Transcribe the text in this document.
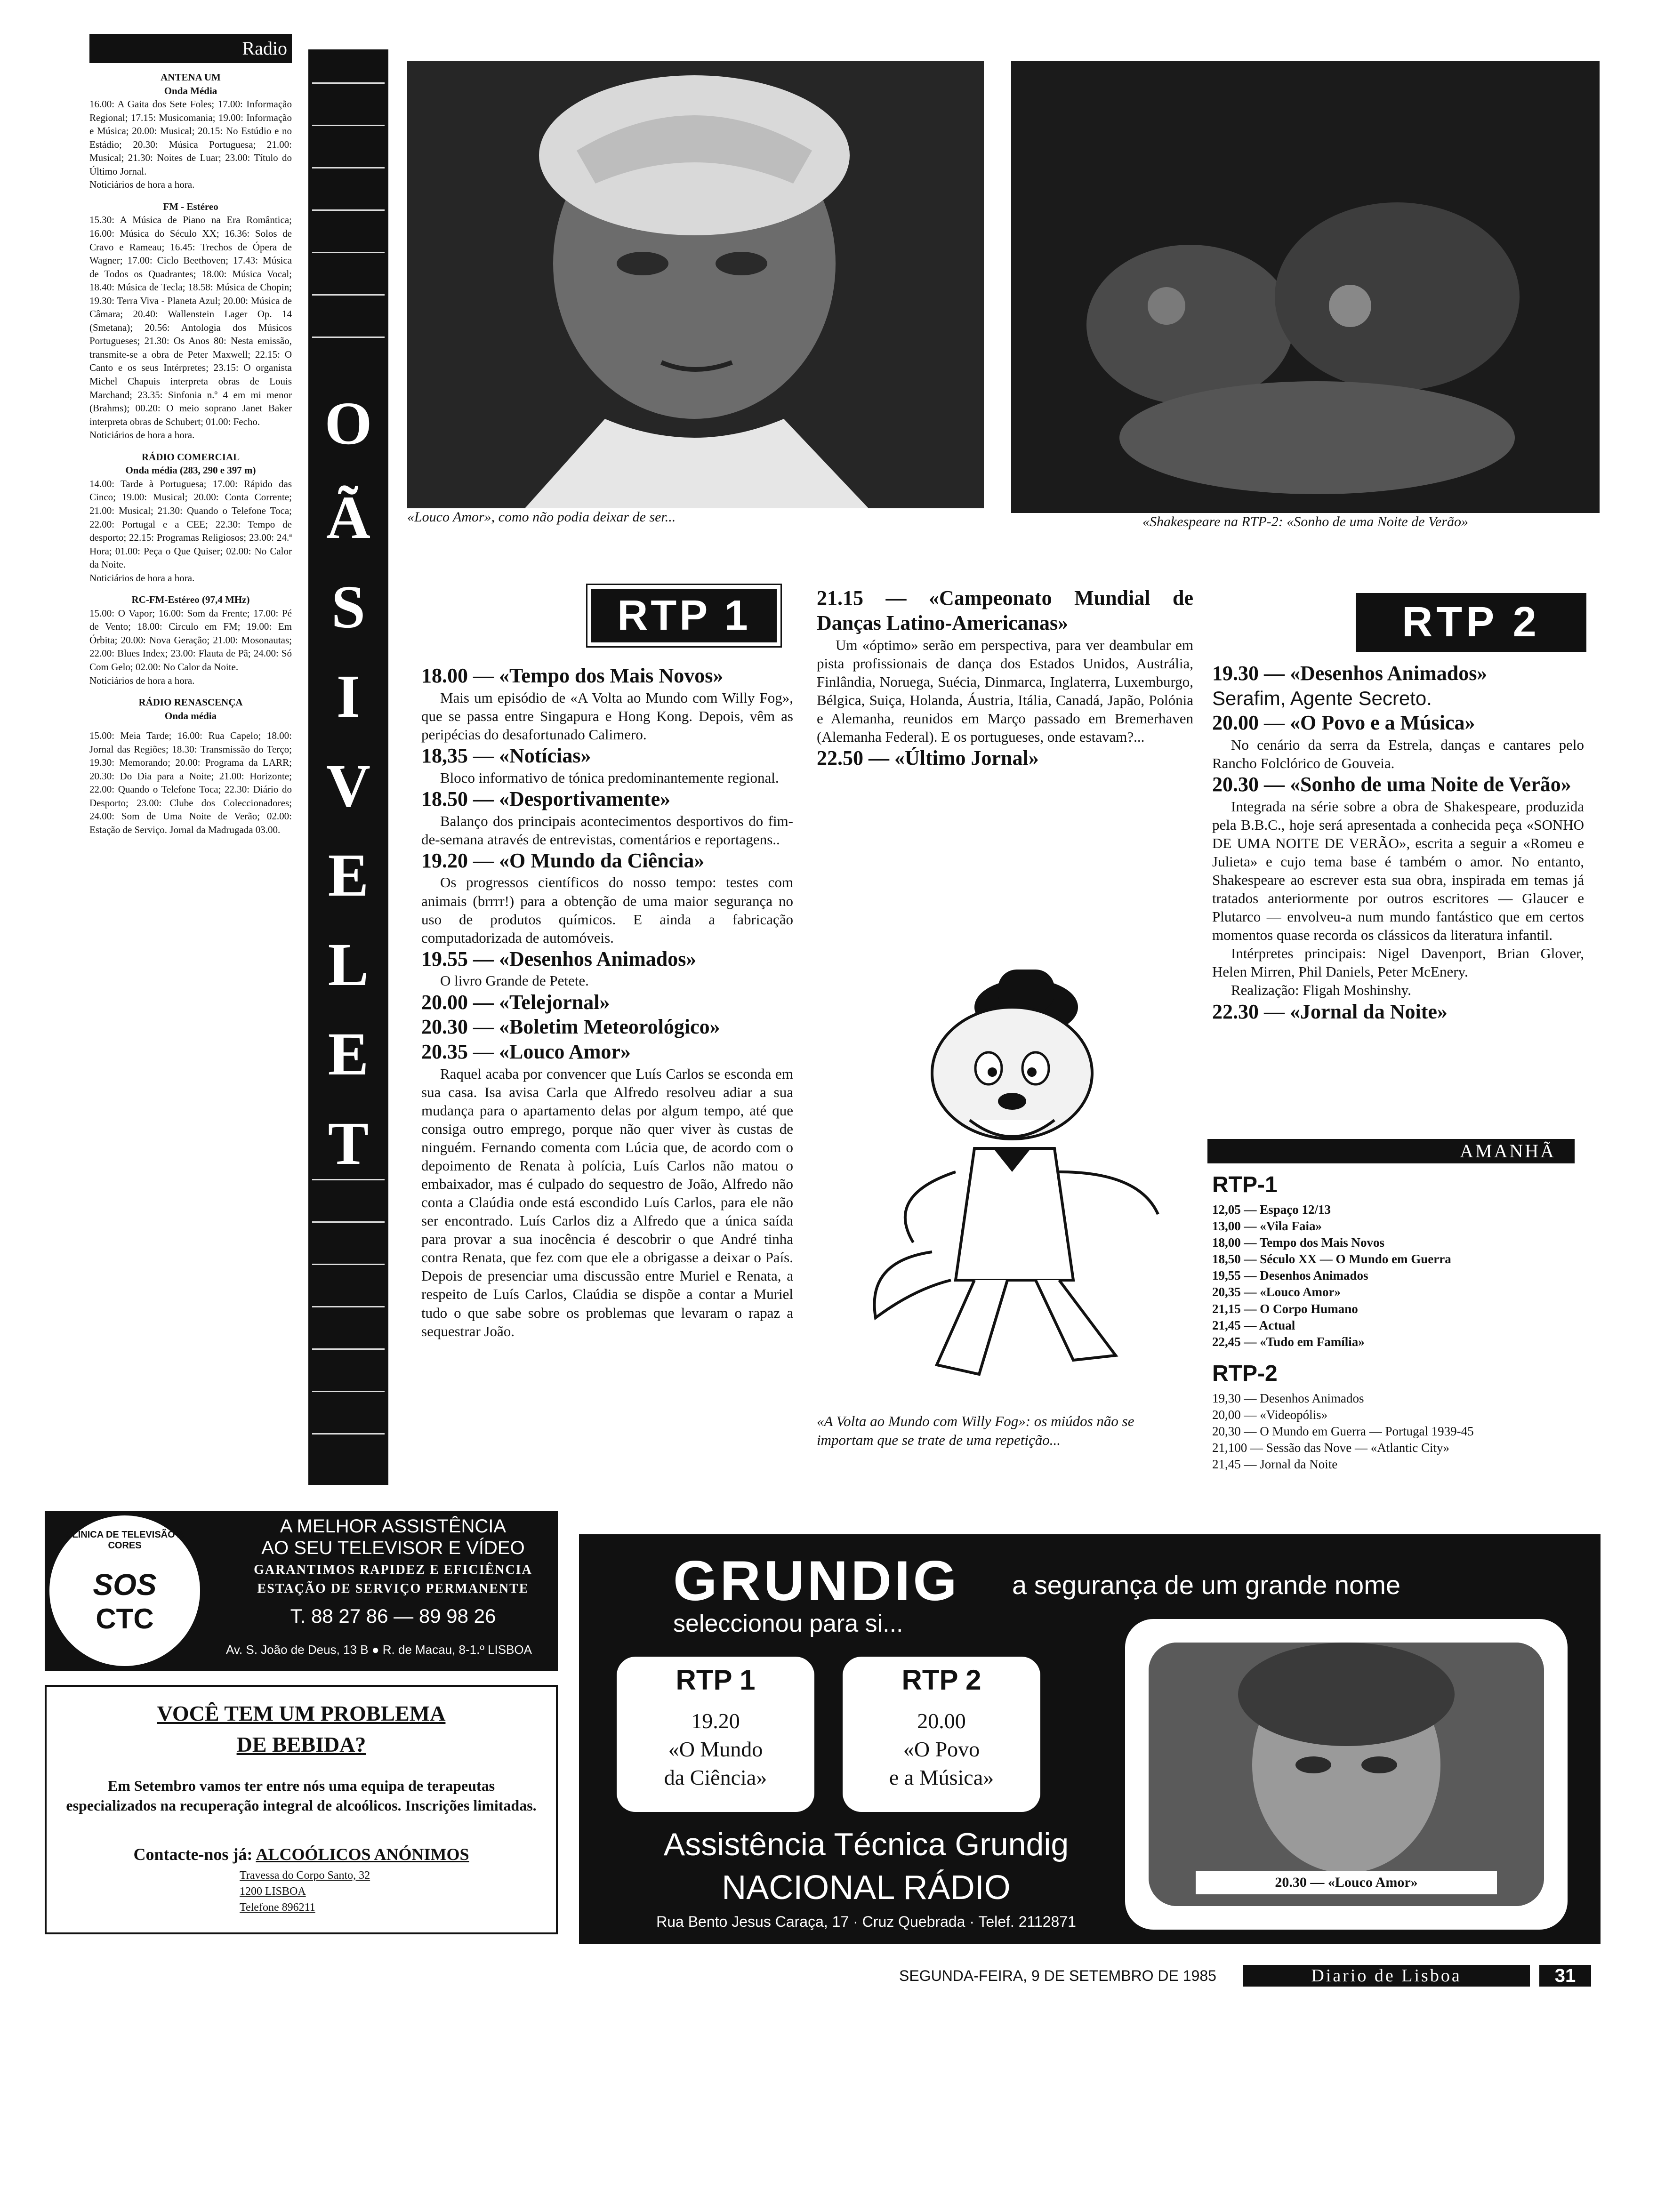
Radio
ANTENA UM
Onda Média

16.00: A Gaita dos Sete Foles; 17.00: Informação Regional; 17.15: Musicomania; 19.00: Informação e Música; 20.00: Musical; 20.15: No Estúdio e no Estádio; 20.30: Música Portuguesa; 21.00: Musical; 21.30: Noites de Luar; 23.00: Título do Último Jornal.

Noticiários de hora a hora.

FM - Estéreo

15.30: A Música de Piano na Era Romântica; 16.00: Música do Século XX; 16.36: Solos de Cravo e Rameau; 16.45: Trechos de Ópera de Wagner; 17.00: Ciclo Beethoven; 17.43: Música de Todos os Quadrantes; 18.00: Música Vocal; 18.40: Música de Tecla; 18.58: Música de Chopin; 19.30: Terra Viva - Planeta Azul; 20.00: Música de Câmara; 20.40: Wallenstein Lager Op. 14 (Smetana); 20.56: Antologia dos Músicos Portugueses; 21.30: Os Anos 80: Nesta emissão, transmite-se a obra de Peter Maxwell; 22.15: O Canto e os seus Intérpretes; 23.15: O organista Michel Chapuis interpreta obras de Louis Marchand; 23.35: Sinfonia n.º 4 em mi menor (Brahms); 00.20: O meio soprano Janet Baker interpreta obras de Schubert; 01.00: Fecho.

Noticiários de hora a hora.

RÁDIO COMERCIAL
Onda média (283, 290 e 397 m)

14.00: Tarde à Portuguesa; 17.00: Rápido das Cinco; 19.00: Musical; 20.00: Conta Corrente; 21.00: Musical; 21.30: Quando o Telefone Toca; 22.00: Portugal e a CEE; 22.30: Tempo de desporto; 22.15: Programas Religiosos; 23.00: 24.ª Hora; 01.00: Peça o Que Quiser; 02.00: No Calor da Noite.

Noticiários de hora a hora.

RC-FM-Estéreo (97,4 MHz)

15.00: O Vapor; 16.00: Som da Frente; 17.00: Pé de Vento; 18.00: Circulo em FM; 19.00: Em Órbita; 20.00: Nova Geração; 21.00: Mosonautas; 22.00: Blues Index; 23.00: Flauta de Pã; 24.00: Só Com Gelo; 02.00: No Calor da Noite.

Noticiários de hora a hora.

RÁDIO RENASCENÇA
Onda média

15.00: Meia Tarde; 16.00: Rua Capelo; 18.00: Jornal das Regiões; 18.30: Transmissão do Terço; 19.30: Memorando; 20.00: Programa da LARR; 20.30: Do Dia para a Noite; 21.00: Horizonte; 22.00: Quando o Telefone Toca; 22.30: Diário do Desporto; 23.00: Clube dos Coleccionadores; 24.00: Som de Uma Noite de Verão; 02.00: Estação de Serviço. Jornal da Madrugada 03.00.

O
Ã
S
I
V
E
L
E
T
«Louco Amor», como não podia deixar de ser...	«Shakespeare na RTP-2: «Sonho de uma Noite de Verão»
RTP 1
18.00 — «Tempo dos Mais Novos»

Mais um episódio de «A Volta ao Mundo com Willy Fog», que se passa entre Singapura e Hong Kong. Depois, vêm as peripécias do desafortunado Calimero.

18,35 — «Notícias»

Bloco informativo de tónica predominantemente regional.

18.50 — «Desportivamente»

Balanço dos principais acontecimentos desportivos do fim-de-semana através de entrevistas, comentários e reportagens..

19.20 — «O Mundo da Ciência»

Os progressos científicos do nosso tempo: testes com animais (brrrr!) para a obtenção de uma maior segurança no uso de produtos químicos. E ainda a fabricação computadorizada de automóveis.

19.55 — «Desenhos Animados»

O livro Grande de Petete.

20.00 — «Telejornal»
20.30 — «Boletim Meteorológico»
20.35 — «Louco Amor»

Raquel acaba por convencer que Luís Carlos se esconda em sua casa. Isa avisa Carla que Alfredo resolveu adiar a sua mudança para o apartamento delas por algum tempo, até que consiga outro emprego, porque não quer viver às custas de ninguém. Fernando comenta com Lúcia que, de acordo com o depoimento de Renata à polícia, Luís Carlos não matou o embaixador, mas é culpado do sequestro de João, Alfredo não conta a Claúdia onde está escondido Luís Carlos, para ele não ser encontrado. Luís Carlos diz a Alfredo que a única saída para provar a sua inocência é descobrir o que André tinha contra Renata, que fez com que ele a obrigasse a deixar o País. Depois de presenciar uma discussão entre Muriel e Renata, a respeito de Luís Carlos, Claúdia se dispõe a contar a Muriel tudo o que sabe sobre os problemas que levaram o rapaz a sequestrar João.

21.15 — «Campeonato Mundial de Danças Latino-Americanas»

Um «óptimo» serão em perspectiva, para ver deambular em pista profissionais de dança dos Estados Unidos, Austrália, Finlândia, Noruega, Suécia, Dinmarca, Inglaterra, Luxemburgo, Bélgica, Suiça, Holanda, Áustria, Itália, Canadá, Japão, Polónia e Alemanha, reunidos em Março passado em Bremerhaven (Alemanha Federal). E os portugueses, onde estavam?...

22.50 — «Último Jornal»
«A Volta ao Mundo com Willy Fog»: os miúdos não se importam que se trate de uma repetição...
RTP 2
19.30 — «Desenhos Animados»
Serafim, Agente Secreto.
20.00 — «O Povo e a Música»

No cenário da serra da Estrela, danças e cantares pelo Rancho Folclórico de Gouveia.

20.30 — «Sonho de uma Noite de Verão»

Integrada na série sobre a obra de Shakespeare, produzida pela B.B.C., hoje será apresentada a conhecida peça «SONHO DE UMA NOITE DE VERÃO», escrita a seguir a «Romeu e Julieta» e cujo tema base é também o amor. No entanto, Shakespeare ao escrever esta sua obra, inspirada em temas já tratados anteriormente por outros escritores — Glaucer e Plutarco — envolveu-a num mundo fantástico que em certos momentos quase recorda os clássicos da literatura infantil.

Intérpretes principais: Nigel Davenport, Brian Glover, Helen Mirren, Phil Daniels, Peter McEnery.

Realização: Fligah Moshinshy.

22.30 — «Jornal da Noite»
AMANHÃ
RTP-1
12,05 — Espaço 12/13
13,00 — «Vila Faia»
18,00 — Tempo dos Mais Novos
18,50 — Século XX — O Mundo em Guerra
19,55 — Desenhos Animados
20,35 — «Louco Amor»
21,15 — O Corpo Humano
21,45 — Actual
22,45 — «Tudo em Família»
RTP-2
19,30 — Desenhos Animados
20,00 — «Videopólis»
20,30 — O Mundo em Guerra — Portugal 1939-45
21,100 — Sessão das Nove — «Atlantic City»
21,45 — Jornal da Noite
SOS
CTC
CLÍNICA DE TELEVISÃO A CORES
A MELHOR ASSISTÊNCIA
AO SEU TELEVISOR E VÍDEO
GARANTIMOS RAPIDEZ E EFICIÊNCIA
ESTAÇÃO DE SERVIÇO PERMANENTE
T. 88 27 86 — 89 98 26
Av. S. João de Deus, 13 B ● R. de Macau, 8-1.º LISBOA
VOCÊ TEM UM PROBLEMA
DE BEBIDA?
Em Setembro vamos ter entre nós uma equipa de terapeutas especializados na recuperação integral de alcoólicos. Inscrições limitadas.
Contacte-nos já: ALCOÓLICOS ANÓNIMOS
Travessa do Corpo Santo, 32
1200 LISBOA
Telefone 896211
GRUNDIG a segurança de um grande nome
seleccionou para si...
RTP 1
19.20
«O Mundo
da Ciência»
RTP 2
20.00
«O Povo
e a Música»
Assistência Técnica Grundig
NACIONAL RÁDIO
Rua Bento Jesus Caraça, 17 · Cruz Quebrada · Telef. 2112871
20.30 — «Louco Amor»
SEGUNDA-FEIRA, 9 DE SETEMBRO DE 1985	Diario de Lisboa	31
